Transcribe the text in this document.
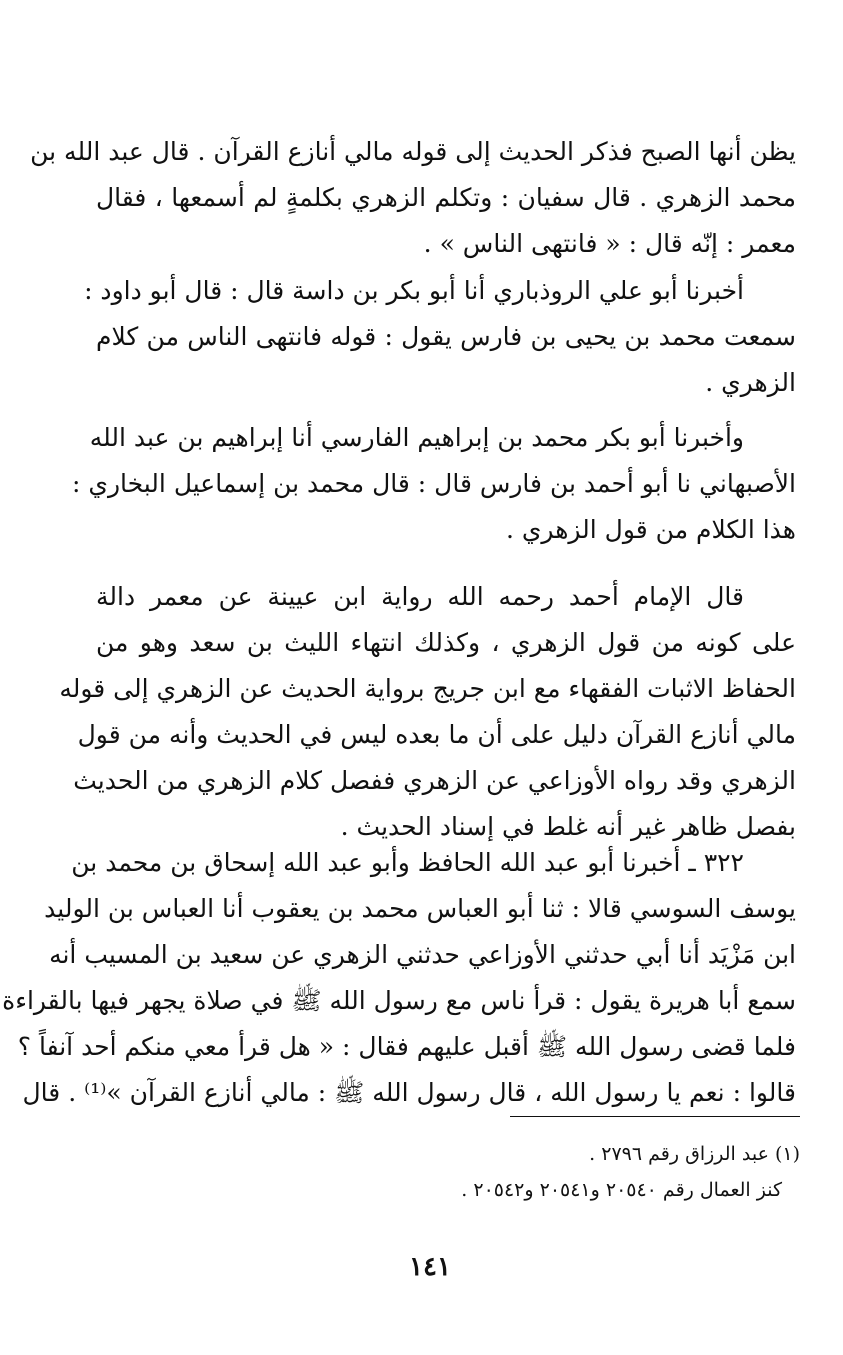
يظن أنها الصبح فذكر الحديث إلى قوله مالي أنازع القرآن . قال عبد الله بن
محمد الزهري . قال سفيان : وتكلم الزهري بكلمةٍ لم أسمعها ، فقال
معمر : إنّه قال : « فانتهى الناس » .
أخبرنا أبو علي الروذباري أنا أبو بكر بن داسة قال : قال أبو داود :
سمعت محمد بن يحيى بن فارس يقول : قوله فانتهى الناس من كلام
الزهري .
وأخبرنا أبو بكر محمد بن إبراهيم الفارسي أنا إبراهيم بن عبد الله
الأصبهاني نا أبو أحمد بن فارس قال : قال محمد بن إسماعيل البخاري :
هذا الكلام من قول الزهري .
قال الإمام أحمد رحمه الله رواية ابن عيينة عن معمر دالة
على كونه من قول الزهري ، وكذلك انتهاء الليث بن سعد وهو من
الحفاظ الاثبات الفقهاء مع ابن جريج برواية الحديث عن الزهري إلى قوله
مالي أنازع القرآن دليل على أن ما بعده ليس في الحديث وأنه من قول
الزهري وقد رواه الأوزاعي عن الزهري ففصل كلام الزهري من الحديث
بفصل ظاهر غير أنه غلط في إسناد الحديث .
٣٢٢ ـ أخبرنا أبو عبد الله الحافظ وأبو عبد الله إسحاق بن محمد بن
يوسف السوسي قالا : ثنا أبو العباس محمد بن يعقوب أنا العباس بن الوليد
ابن مَزْيَد أنا أبي حدثني الأوزاعي حدثني الزهري عن سعيد بن المسيب أنه
سمع أبا هريرة يقول : قرأ ناس مع رسول الله ﷺ في صلاة يجهر فيها بالقراءة
فلما قضى رسول الله ﷺ أقبل عليهم فقال : « هل قرأ معي منكم أحد آنفاً ؟
قالوا : نعم يا رسول الله ، قال رسول الله ﷺ : مالي أنازع القرآن »⁽¹⁾ . قال
(١) عبد الرزاق رقم ٢٧٩٦ .
كنز العمال رقم ٢٠٥٤٠ و٢٠٥٤١ و٢٠٥٤٢ .
١٤١
